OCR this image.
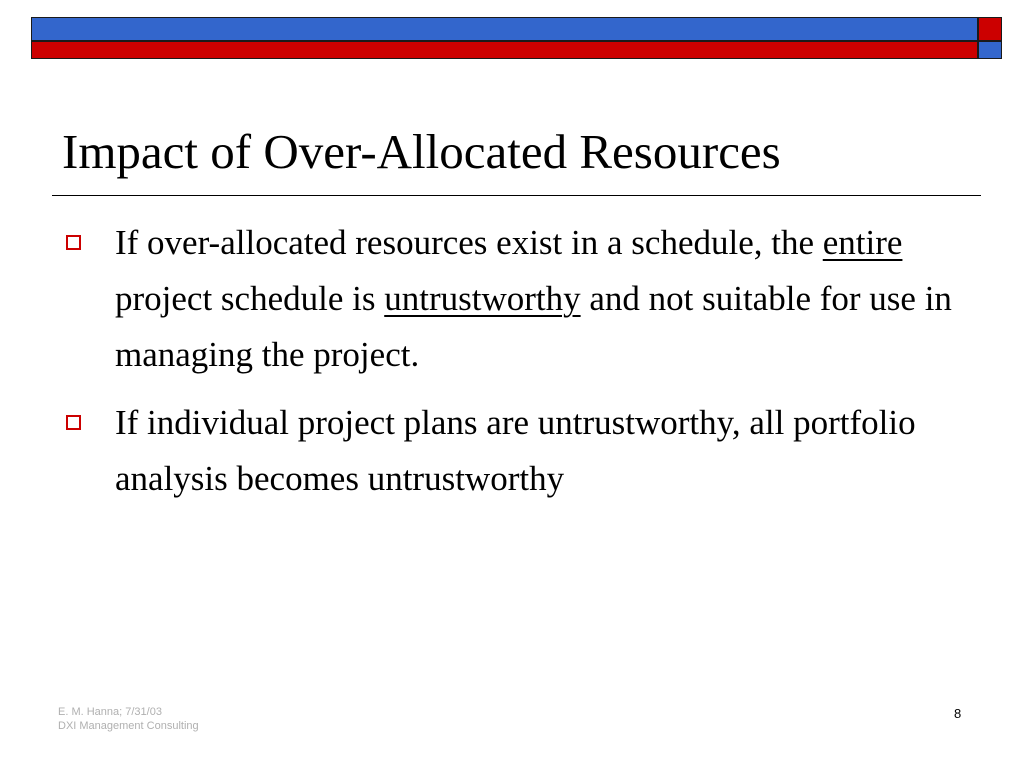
Impact of Over-Allocated Resources
If over-allocated resources exist in a schedule, the entire project schedule is untrustworthy and not suitable for use in managing the project.
If individual project plans are untrustworthy, all portfolio analysis becomes untrustworthy
E. M. Hanna; 7/31/03
DXI Management Consulting
8
